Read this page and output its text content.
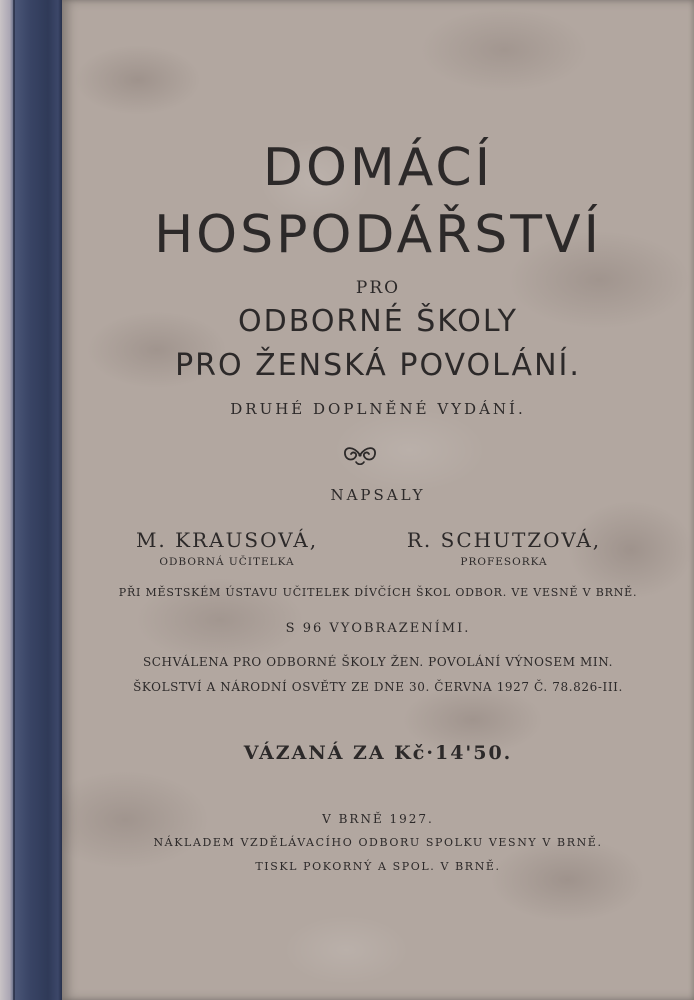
DOMÁCÍ
HOSPODÁŘSTVÍ
PRO
ODBORNÉ ŠKOLY
PRO ŽENSKÁ POVOLÁNÍ.
DRUHÉ DOPLNĚNÉ VYDÁNÍ.
NAPSALY
M. KRAUSOVÁ,
ODBORNÁ UČITELKA
R. SCHUTZOVÁ,
PROFESORKA
PŘI MĚSTSKÉM ÚSTAVU UČITELEK DÍVČÍCH ŠKOL ODBOR. VE VESNĚ V BRNĚ.
S 96 VYOBRAZENÍMI.
SCHVÁLENA PRO ODBORNÉ ŠKOLY ŽEN. POVOLÁNÍ VÝNOSEM MIN.
ŠKOLSTVÍ A NÁRODNÍ OSVĚTY ZE DNE 30. ČERVNA 1927 Č. 78.826-III.
VÁZANÁ ZA Kč·14'50.
V BRNĚ 1927.
NÁKLADEM VZDĚLÁVACÍHO ODBORU SPOLKU VESNY V BRNĚ.
TISKL POKORNÝ A SPOL. V BRNĚ.
